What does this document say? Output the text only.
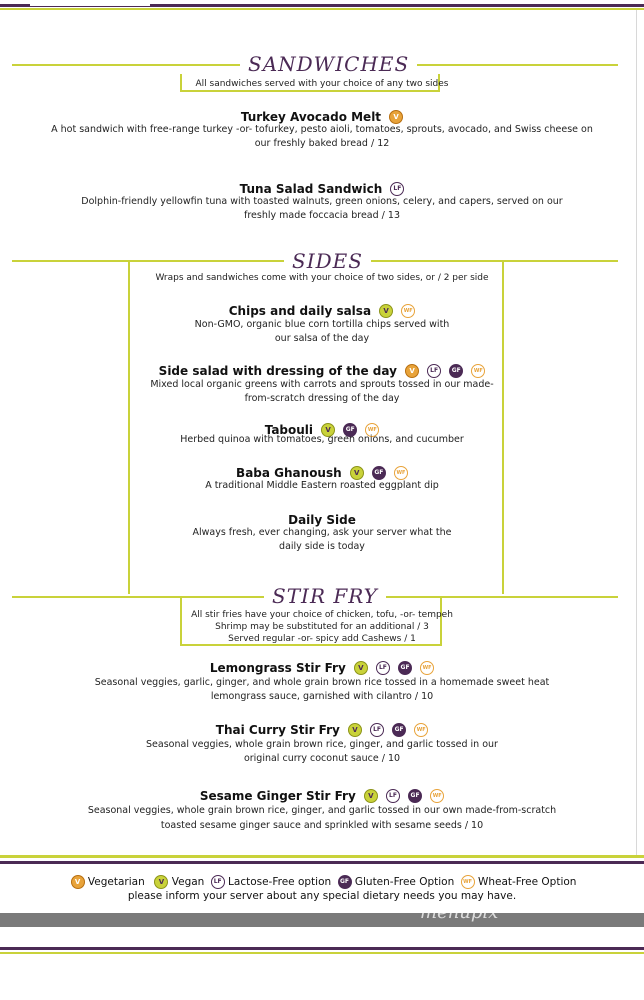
SANDWICHES
All sandwiches served with your choice of any two sides
Turkey Avocado Melt V
A hot sandwich with free-range turkey -or- tofurkey, pesto aioli, tomatoes, sprouts, avocado, and Swiss cheese on
our freshly baked bread / 12
Tuna Salad Sandwich LF
Dolphin-friendly yellowfin tuna with toasted walnuts, green onions, celery, and capers, served on our
freshly made foccacia bread / 13
SIDES
Wraps and sandwiches come with your choice of two sides, or / 2 per side
Chips and daily salsa V	WF
Non-GMO, organic blue corn tortilla chips served with
our salsa of the day
Side salad with dressing of the day V	LF GF	WF
Mixed local organic greens with carrots and sprouts tossed in our made-
from-scratch dressing of the day
Tabouli V GF	WF
Herbed quinoa with tomatoes, green onions, and cucumber
Baba Ghanoush V GF	WF
A traditional Middle Eastern roasted eggplant dip
Daily Side
Always fresh, ever changing, ask your server what the
daily side is today
STIR FRY
All stir fries have your choice of chicken, tofu, -or- tempeh
Shrimp may be substituted for an additional / 3
Served regular -or- spicy add Cashews / 1
Lemongrass Stir Fry V	LF GF	WF
Seasonal veggies, garlic, ginger, and whole grain brown rice tossed in a homemade sweet heat
lemongrass sauce, garnished with cilantro / 10
Thai Curry Stir Fry V	LF GF	WF
Seasonal veggies, whole grain brown rice, ginger, and garlic tossed in our
original curry coconut sauce / 10
Sesame Ginger Stir Fry V	LF GF	WF
Seasonal veggies, whole grain brown rice, ginger, and garlic tossed in our own made-from-scratch
toasted sesame ginger sauce and sprinkled with sesame seeds / 10
V Vegetarian V Vegan LF Lactose-Free option GF Gluten-Free Option WF Wheat-Free Option
please inform your server about any special dietary needs you may have.
menupix
